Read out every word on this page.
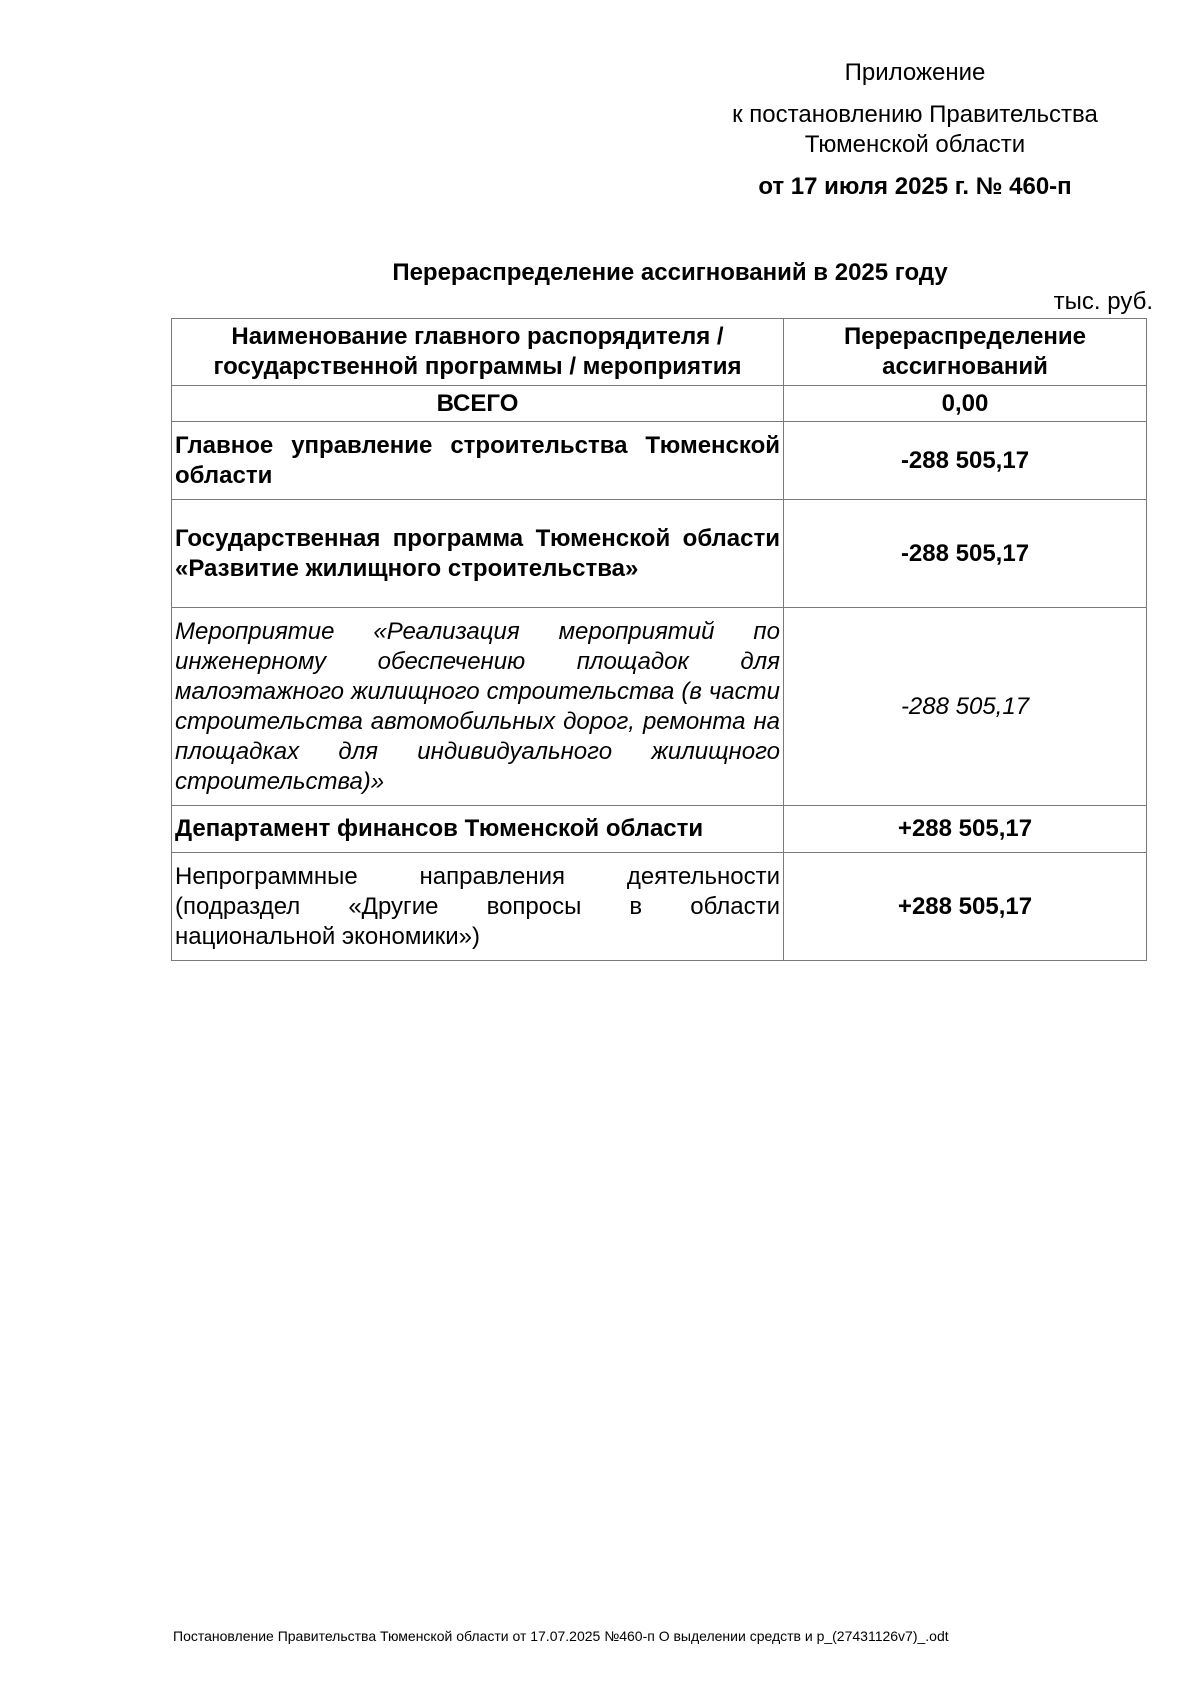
Приложение

к постановлению Правительства
Тюменской области

от 17 июля 2025 г. № 460-п

Перераспределение ассигнований в 2025 году

тыс. руб.

Наименование главного распорядителя / государственной программы / мероприятия	Перераспределение ассигнований
ВСЕГО	0,00
Главное управление строительства Тюменской области	-288 505,17
Государственная программа Тюменской области «Развитие жилищного строительства»	-288 505,17
Мероприятие «Реализация мероприятий по инженерному обеспечению площадок для малоэтажного жилищного строительства (в части строительства автомобильных дорог, ремонта на площадках для индивидуального жилищного строительства)»	-288 505,17
Департамент финансов Тюменской области	+288 505,17
Непрограммные направления деятельности (подраздел «Другие вопросы в области национальной экономики»)	+288 505,17

Постановление Правительства Тюменской области от 17.07.2025 №460-п О выделении средств и р_(27431126v7)_.odt
